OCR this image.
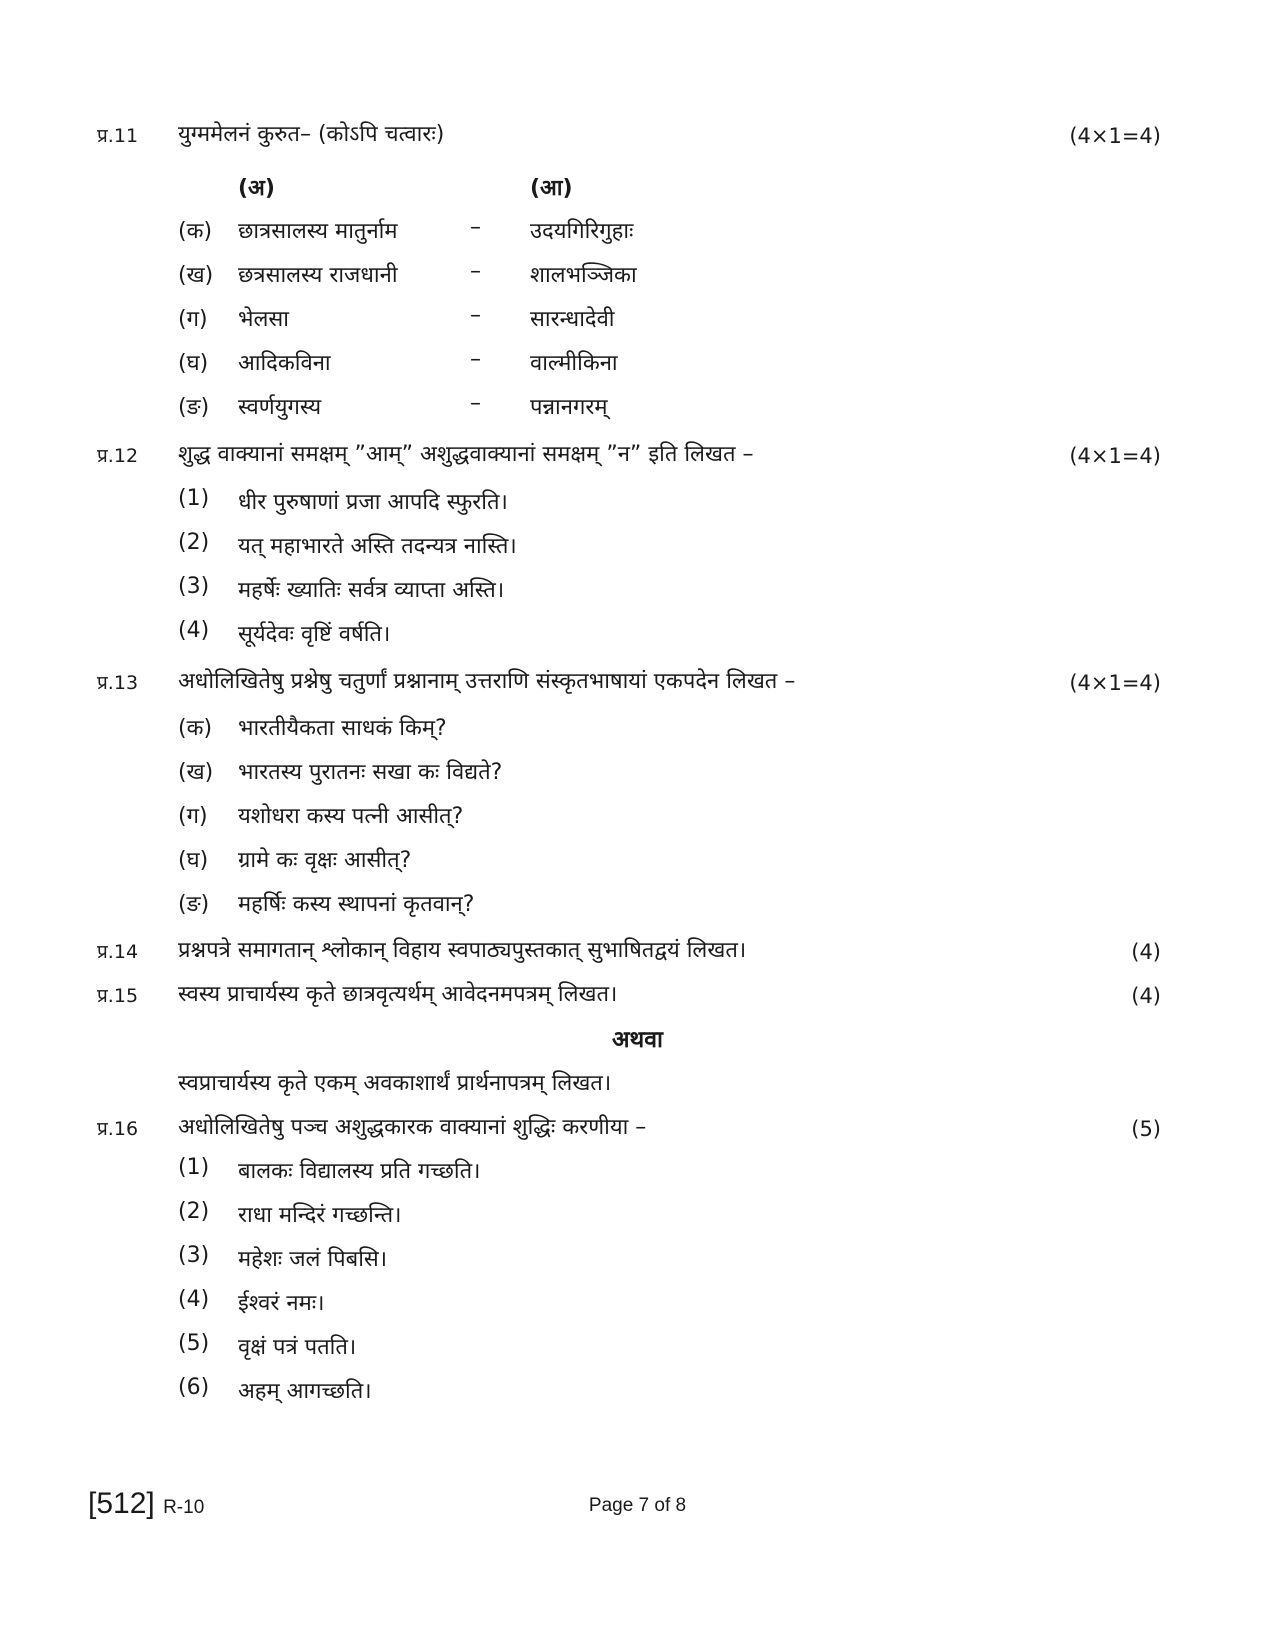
प्र.11 युग्ममेलनं कुरुत– (कोऽपि चत्वारः)	(4×1=4)
(अ)	(आ)
(क) छात्रसालस्य मातुर्नाम	– उदयगिरिगुहाः
(ख) छत्रसालस्य राजधानी	– शालभञ्जिका
(ग) भेलसा	– सारन्धादेवी
(घ) आदिकविना	– वाल्मीकिना
(ङ) स्वर्णयुगस्य	– पन्नानगरम्
प्र.12 शुद्ध वाक्यानां समक्षम् ”आम्” अशुद्धवाक्यानां समक्षम् ”न” इति लिखत –	(4×1=4)
(1) धीर पुरुषाणां प्रजा आपदि स्फुरति।
(2) यत् महाभारते अस्ति तदन्यत्र नास्ति।
(3) महर्षेः ख्यातिः सर्वत्र व्याप्ता अस्ति।
(4) सूर्यदेवः वृष्टिं वर्षति।
प्र.13 अधोलिखितेषु प्रश्नेषु चतुर्णां प्रश्नानाम् उत्तराणि संस्कृतभाषायां एकपदेन लिखत –	(4×1=4)
(क) भारतीयैकता साधकं किम्?
(ख) भारतस्य पुरातनः सखा कः विद्यते?
(ग) यशोधरा कस्य पत्नी आसीत्?
(घ) ग्रामे कः वृक्षः आसीत्?
(ङ) महर्षिः कस्य स्थापनां कृतवान्?
प्र.14 प्रश्नपत्रे समागतान् श्लोकान् विहाय स्वपाठ्यपुस्तकात् सुभाषितद्वयं लिखत।	(4)
प्र.15 स्वस्य प्राचार्यस्य कृते छात्रवृत्यर्थम् आवेदनमपत्रम् लिखत।	(4)
अथवा
स्वप्राचार्यस्य कृते एकम् अवकाशार्थं प्रार्थनापत्रम् लिखत।
प्र.16 अधोलिखितेषु पञ्च अशुद्धकारक वाक्यानां शुद्धिः करणीया –	(5)
(1) बालकः विद्यालस्य प्रति गच्छति।
(2) राधा मन्दिरं गच्छन्ति।
(3) महेशः जलं पिबसि।
(4) ईश्वरं नमः।
(5) वृक्षं पत्रं पतति।
(6) अहम् आगच्छति।
[512] R-10	Page 7 of 8
